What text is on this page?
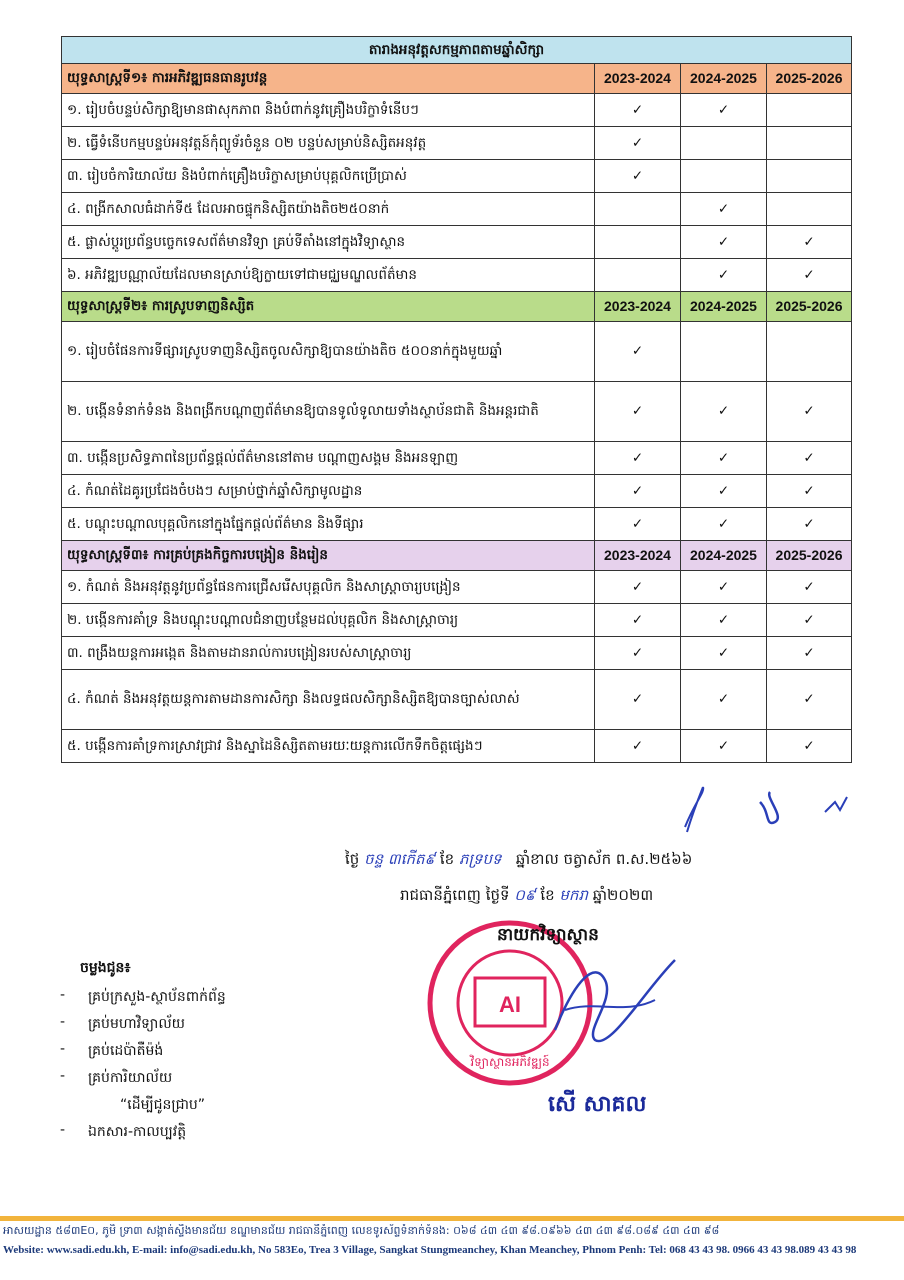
តារាងអនុវត្តសកម្មភាពតាមឆ្នាំសិក្សា			
យុទ្ធសាស្ត្រទី១៖ ការអភិវឌ្ឍធនធានរូបវន្ត	2023-2024	2024-2025	2025-2026
១. រៀបចំបន្ទប់សិក្សាឱ្យមានផាសុកភាព និងបំពាក់នូវគ្រឿងបរិក្ខាទំនើបៗ	✓	✓	
២. ធ្វើទំនើបកម្មបន្ទប់អនុវត្តន៍កុំព្យូទ័រចំនួន ០២ បន្ទប់សម្រាប់និស្សិតអនុវត្ត	✓		
៣. រៀបចំការិយាល័យ និងបំពាក់គ្រឿងបរិក្ខាសម្រាប់បុគ្គលិកប្រើប្រាស់	✓		
៤. ពង្រីកសាលធំដាក់ទី៥ ដែលអាចផ្ទុកនិស្សិតយ៉ាងតិច២៥០នាក់		✓	
៥. ផ្លាស់ប្តូរប្រព័ន្ធបច្ចេកទេសព័ត៌មានវិទ្យា គ្រប់ទីតាំងនៅក្នុងវិទ្យាស្ថាន		✓	✓
៦. អភិវឌ្ឍបណ្ណាល័យដែលមានស្រាប់ឱ្យក្លាយទៅជាមជ្ឈមណ្ឌលព័ត៌មាន		✓	✓
យុទ្ធសាស្ត្រទី២៖ ការស្រូបទាញនិស្សិត	2023-2024	2024-2025	2025-2026
១. រៀបចំផែនការទីផ្សារស្រូបទាញនិស្សិតចូលសិក្សាឱ្យបានយ៉ាងតិច ៥០០នាក់ក្នុងមួយឆ្នាំ	✓		
២. បង្កើនទំនាក់ទំនង និងពង្រីកបណ្តាញព័ត៌មានឱ្យបានទូលំទូលាយទាំងស្ថាប័នជាតិ និងអន្តរជាតិ	✓	✓	✓
៣. បង្កើនប្រសិទ្ធភាពនៃប្រព័ន្ធផ្តល់ព័ត៌មាននៅតាម បណ្តាញសង្គម និងអនឡាញ	✓	✓	✓
៤. កំណត់ដៃគូរប្រជែងចំបងៗ សម្រាប់ថ្នាក់ឆ្នាំសិក្សាមូលដ្ឋាន	✓	✓	✓
៥. បណ្តុះបណ្តាលបុគ្គលិកនៅក្នុងផ្នែកផ្តល់ព័ត៌មាន និងទីផ្សារ	✓	✓	✓
យុទ្ធសាស្ត្រទី៣៖ ការគ្រប់គ្រងកិច្ចការបង្រៀន និងរៀន	2023-2024	2024-2025	2025-2026
១. កំណត់ និងអនុវត្តនូវប្រព័ន្ធផែនការជ្រើសរើសបុគ្គលិក និងសាស្ត្រាចារ្យបង្រៀន	✓	✓	✓
២. បង្កើនការគាំទ្រ និងបណ្តុះបណ្តាលជំនាញបន្ថែមដល់បុគ្គលិក និងសាស្ត្រាចារ្យ	✓	✓	✓
៣. ពង្រឹងយន្តការអង្កេត និងតាមដានរាល់ការបង្រៀនរបស់សាស្ត្រាចារ្យ	✓	✓	✓
៤. កំណត់ និងអនុវត្តយន្តការតាមដានការសិក្សា និងលទ្ធផលសិក្សានិស្សិតឱ្យបានច្បាស់លាស់	✓	✓	✓
៥. បង្កើនការគាំទ្រការស្រាវជ្រាវ និងស្នាដៃនិស្សិតតាមរយៈយន្តការលើកទឹកចិត្តផ្សេងៗ	✓	✓	✓
ថ្ងៃ ចន្ទ ៣កើត៩ ខែ ភទ្របទ ឆ្នាំខាល ចត្វាស័ក ព.ស.២៥៦៦
រាជធានីភ្នំពេញ ថ្ងៃទី ០៩ ខែ មករា ឆ្នាំ២០២៣
AI
វិទ្យាស្ថានអភិវឌ្ឍន៍
នាយកវិទ្យាស្ថាន
សើ សាគល
ចម្លងជូន៖
- គ្រប់ក្រសួង-ស្ថាប័នពាក់ព័ន្ធ
- គ្រប់មហាវិទ្យាល័យ
- គ្រប់ដេប៉ាតឺម៉ង់
- គ្រប់ការិយាល័យ
“ដើម្បីជូនជ្រាប”
- ឯកសារ-កាលប្បវត្តិ
អាសយដ្ឋាន ៥៨៣E០, ភូមិ ទ្រា៣ សង្កាត់ស្ទឹងមានជ័យ ខណ្ឌមានជ័យ រាជធានីភ្នំពេញ លេខទូរស័ព្ទទំនាក់ទំនង: ០៦៨ ៤៣ ៤៣ ៩៨.០៩៦៦ ៤៣ ៤៣ ៩៨.០៨៩ ៤៣ ៤៣ ៩៨
Website: www.sadi.edu.kh, E-mail: info@sadi.edu.kh, No 583Eo, Trea 3 Village, Sangkat Stungmeanchey, Khan Meanchey, Phnom Penh: Tel: 068 43 43 98. 0966 43 43 98.089 43 43 98
